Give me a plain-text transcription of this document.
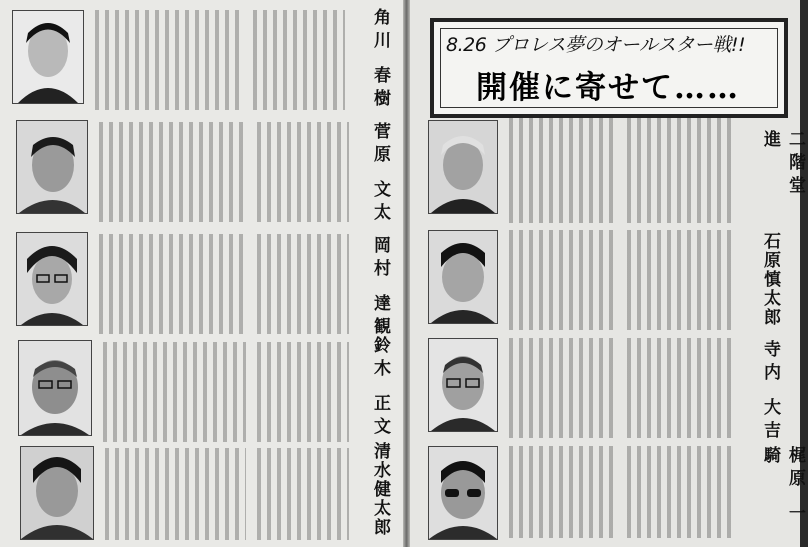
角川 春樹
菅原 文太
岡村 達観
鈴木 正文
清水健太郎
8.26 プロレス夢のオールスター戦!!
開催に寄せて……
二階堂 進
石原慎太郎
寺内 大吉
梶原 一騎
